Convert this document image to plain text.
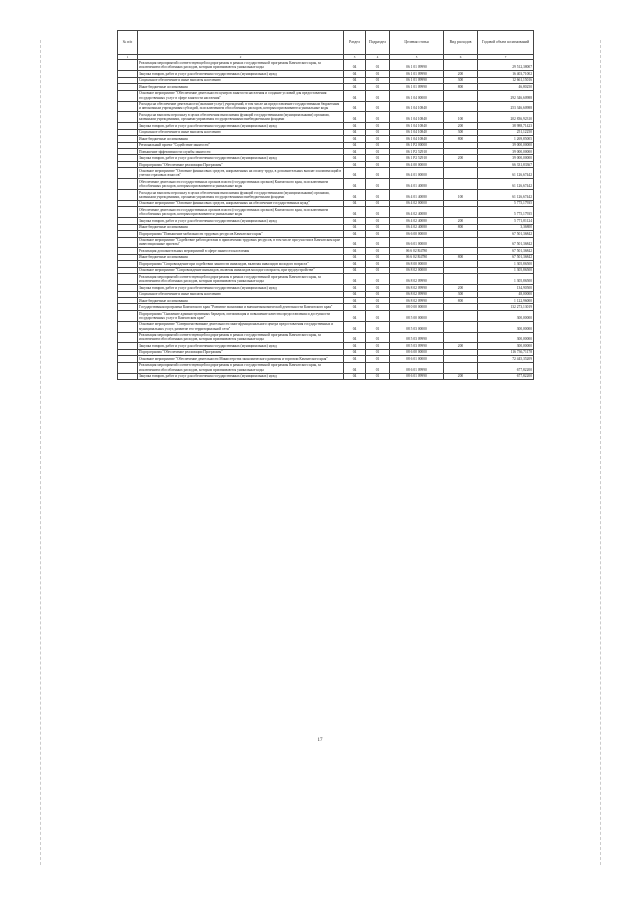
№ п/п		Раздел	Подраздел	Целевая статья	Вид расходов	Годовой объем ассигнований
1	2	3	4	5	6	7
	Реализация мероприятий соответствующей подпрограммы в рамках государственной программы Камчатского края, за исключением обособленных расходов, которым присваиваются уникальные коды	04	01	06 1 01 09990		29 512,38007
	Закупка товаров, работ и услуг для обеспечения государственных (муниципальных) нужд	04	01	06 1 01 09990	200	16 403,71002
	Социальное обеспечение и иные выплаты населению	04	01	06 1 01 09990	300	12 661,15016
	Иные бюджетные ассигнования	04	01	06 1 01 09990	800	46,80250
	Основное мероприятие "Обеспечение деятельности центров занятости населения и создание условий для предоставления государственных услуг в сфере занятости населения"	04	01	06 1 04 00000		292 346,60988
	Расходы на обеспечение деятельности (оказание услуг) учреждений, в том числе на предоставление государственным бюджетным и автономным учреждениям субсидий, за исключением обособленных расходов, которым присваиваются уникальные коды	04	01	06 1 04 10840		253 346,60988
	Расходы на выплаты персоналу в целях обеспечения выполнения функций государственными (муниципальными) органами, казенными учреждениями, органами управления государственными внебюджетными фондами	04	01	06 1 04 10840	100	202 836,92310
	Закупка товаров, работ и услуг для обеспечения государственных (муниципальных) нужд	04	01	06 1 04 10840	200	38 988,71423
	Социальное обеспечение и иные выплаты населению	04	01	06 1 04 10840	300	251,12250
	Иные бюджетные ассигнования	04	01	06 1 04 10840	800	1 269,85005
	Региональный проект "Содействие занятости"	04	01	06 1 Р2 00000		39 000,00000
	Повышение эффективности службы занятости	04	01	06 1 Р2 52910		39 000,00000
	Закупка товаров, работ и услуг для обеспечения государственных (муниципальных) нужд	04	01	06 1 Р2 52910	200	39 000,00000
	Подпрограмма "Обеспечение реализации Программы"	04	01	06 4 00 00000		66 331,83367
	Основное мероприятие "Освоение финансовых средств, направленных на оплату труда, в дополнительных выплат и компенсаций в учетом страховых взносов"	04	01	06 4 01 00000		61 126,67442
	Обеспечение деятельности государственных органов власти (государственных органов) Камчатского края, за исключением обособленных расходов, которым присваиваются уникальные коды	04	01	06 4 01 40080		61 126,67442
	Расходы на выплаты персоналу в целях обеспечения выполнения функций государственными (муниципальными) органами, казенными учреждениями, органами управления государственными внебюджетными фондами	04	01	06 4 01 40080	100	61 126,67442
	Основное мероприятие "Освоение финансовых средств, направленных на обеспечение государственных нужд"	04	01	06 4 02 00000		5 775,17935
	Обеспечение деятельности государственных органов власти (государственных органов) Камчатского края, за исключением обособленных расходов, которым присваиваются уникальные коды	04	01	06 4 02 40080		5 775,17935
	Закупка товаров, работ и услуг для обеспечения государственных (муниципальных) нужд	04	01	06 4 02 40080	200	5 771,81124
	Иные бюджетные ассигнования	04	01	06 4 02 40080	800	3,36800
	Подпрограмма "Повышение мобильности трудовых ресурсов Камчатского края"	04	01	06 6 00 00000		67 501,36842
	Основное мероприятие "Содействие работодателям в привлечении трудовых ресурсов, в том числе при участии в Камчатском крае инвестиционные проекты"	04	01	06 6 01 00000		67 501,36842
	Реализация дополнительных мероприятий в сфере занятости населения	04	01	06 6 02 R4780		67 501,36842
	Иные бюджетные ассигнования	04	01	06 6 02 R4780	800	67 501,36842
	Подпрограмма "Сопровождение при содействии занятости инвалидов, включая инвалидов молодого возраста"	04	01	06 8 00 00000		1 305,86500
	Основное мероприятие "Сопровождение инвалидов, включая инвалидов молодого возраста, при трудоустройстве"	04	01	06 8 02 00000		1 305,86500
	Реализация мероприятий соответствующей подпрограммы в рамках государственной программы Камчатского края, за исключением обособленных расходов, которым присваиваются уникальные коды	04	01	06 8 02 09990		1 305,86500
	Закупка товаров, работ и услуг для обеспечения государственных (муниципальных) нужд	04	01	06 8 02 09990	200	134,90500
	Социальное обеспечение и иные выплаты населению	04	01	06 8 02 09990	300	48,00000
	Иные бюджетные ассигнования	04	01	06 8 02 09990	800	1 122,96000
	Государственная программа Камчатского края "Развитие экономики и внешнеэкономической деятельности Камчатского края"	04	01	08 0 00 00000		132 273,13019
	Подпрограмма "Снижение административных барьеров, оптимизация и повышение качества предоставления и доступности государственных услуг в Камчатском крае"	04	01	08 5 00 00000		300,00000
	Основное мероприятие "Совершенствование деятельности многофункционального центра предоставления государственных и муниципальных услуг, развитие его территориальной сети"	04	01	08 5 03 00000		300,00000
	Реализация мероприятий соответствующей подпрограммы в рамках государственной программы Камчатского края, за исключением обособленных расходов, которым присваиваются уникальные коды	04	01	08 5 03 09990		300,00000
	Закупка товаров, работ и услуг для обеспечения государственных (муниципальных) нужд	04	01	08 5 03 09990	200	300,00000
	Подпрограмма "Обеспечение реализации Программы"	04	01	08 6 00 00000		116 736,71178
	Основное мероприятие "Обеспечение деятельности Министерства экономического развития и торговли Камчатского края"	04	01	08 6 01 00000		72 445,35209
	Реализация мероприятий соответствующей подпрограммы в рамках государственной программы Камчатского края, за исключением обособленных расходов, которым присваиваются уникальные коды	04	01	08 6 01 09990		677,82200
	Закупка товаров, работ и услуг для обеспечения государственных (муниципальных) нужд	04	01	08 6 01 09990	200	677,82200
17
